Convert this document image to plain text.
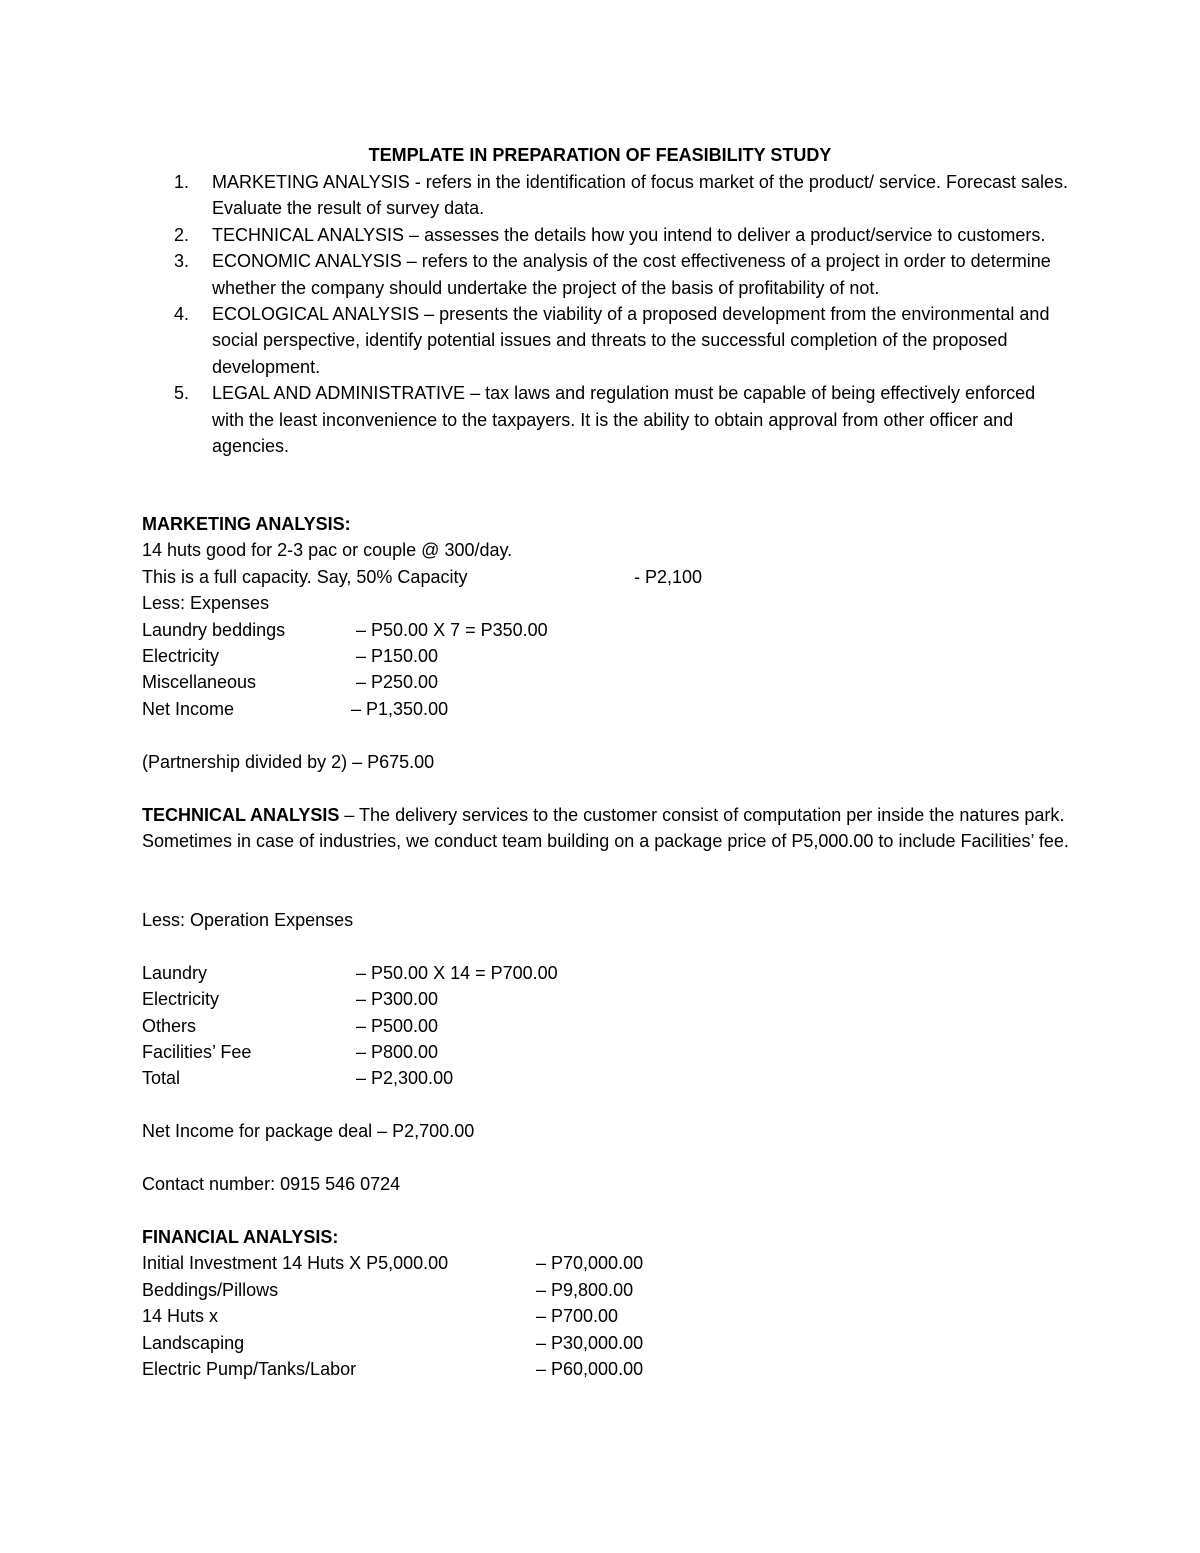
TEMPLATE IN PREPARATION OF FEASIBILITY STUDY
1. MARKETING ANALYSIS - refers in the identification of focus market of the product/ service. Forecast sales. Evaluate the result of survey data.
2. TECHNICAL ANALYSIS – assesses the details how you intend to deliver a product/service to customers.
3. ECONOMIC ANALYSIS – refers to the analysis of the cost effectiveness of a project in order to determine whether the company should undertake the project of the basis of profitability of not.
4. ECOLOGICAL ANALYSIS – presents the viability of a proposed development from the environmental and social perspective, identify potential issues and threats to the successful completion of the proposed development.
5. LEGAL AND ADMINISTRATIVE – tax laws and regulation must be capable of being effectively enforced with the least inconvenience to the taxpayers. It is the ability to obtain approval from other officer and agencies.
MARKETING ANALYSIS:
14 huts good for 2-3 pac or couple @ 300/day.
This is a full capacity. Say, 50% Capacity	- P2,100
Less: Expenses
Laundry beddings	– P50.00 X 7 = P350.00
Electricity	– P150.00
Miscellaneous	– P250.00
Net Income	– P1,350.00
(Partnership divided by 2) – P675.00
TECHNICAL ANALYSIS – The delivery services to the customer consist of computation per inside the natures park. Sometimes in case of industries, we conduct team building on a package price of P5,000.00 to include Facilities’ fee.
Less: Operation Expenses
Laundry	– P50.00 X 14 = P700.00
Electricity	– P300.00
Others	– P500.00
Facilities’ Fee	– P800.00
Total	– P2,300.00
Net Income for package deal – P2,700.00
Contact number: 0915 546 0724
FINANCIAL ANALYSIS:
Initial Investment 14 Huts X P5,000.00	– P70,000.00
Beddings/Pillows	– P9,800.00
14 Huts x	– P700.00
Landscaping	– P30,000.00
Electric Pump/Tanks/Labor	– P60,000.00
